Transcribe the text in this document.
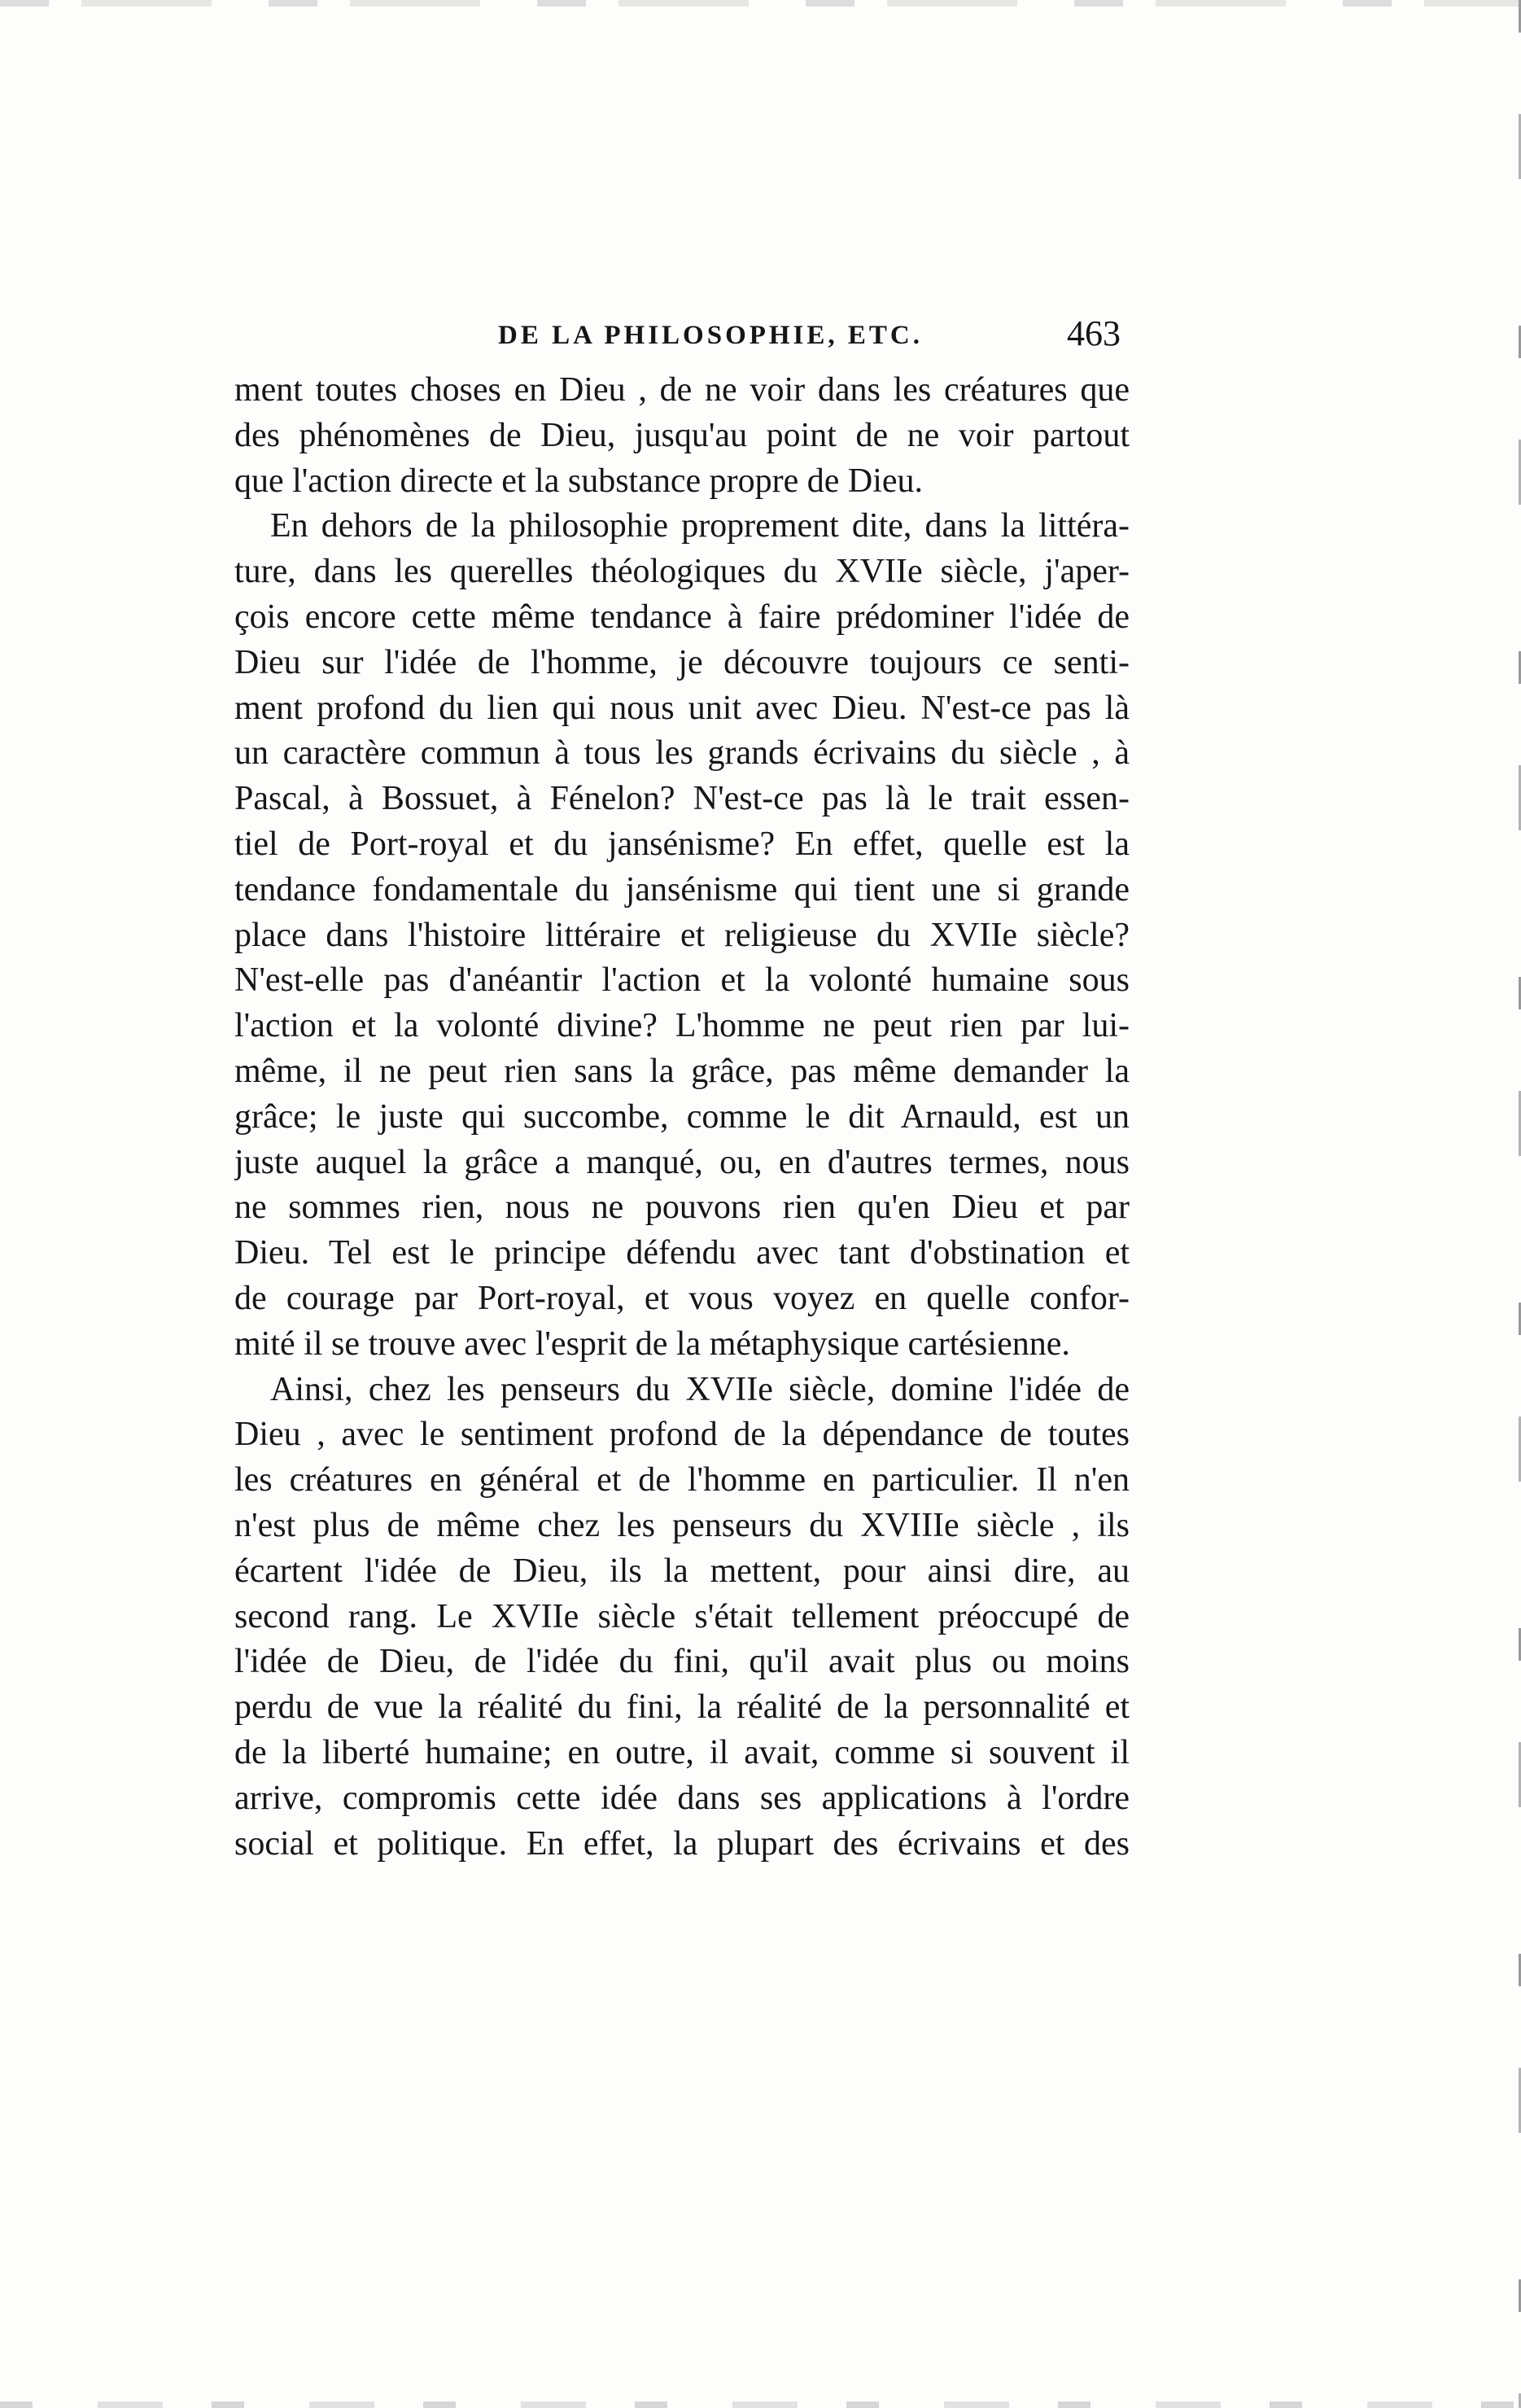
DE LA PHILOSOPHIE, ETC.	463
ment toutes choses en Dieu , de ne voir dans les créatures que
des phénomènes de Dieu, jusqu'au point de ne voir partout
que l'action directe et la substance propre de Dieu.
En dehors de la philosophie proprement dite, dans la littéra-
ture, dans les querelles théologiques du XVIIe siècle, j'aper-
çois encore cette même tendance à faire prédominer l'idée de
Dieu sur l'idée de l'homme, je découvre toujours ce senti-
ment profond du lien qui nous unit avec Dieu. N'est-ce pas là
un caractère commun à tous les grands écrivains du siècle , à
Pascal, à Bossuet, à Fénelon? N'est-ce pas là le trait essen-
tiel de Port-royal et du jansénisme? En effet, quelle est la
tendance fondamentale du jansénisme qui tient une si grande
place dans l'histoire littéraire et religieuse du XVIIe siècle?
N'est-elle pas d'anéantir l'action et la volonté humaine sous
l'action et la volonté divine? L'homme ne peut rien par lui-
même, il ne peut rien sans la grâce, pas même demander la
grâce; le juste qui succombe, comme le dit Arnauld, est un
juste auquel la grâce a manqué, ou, en d'autres termes, nous
ne sommes rien, nous ne pouvons rien qu'en Dieu et par
Dieu. Tel est le principe défendu avec tant d'obstination et
de courage par Port-royal, et vous voyez en quelle confor-
mité il se trouve avec l'esprit de la métaphysique cartésienne.
Ainsi, chez les penseurs du XVIIe siècle, domine l'idée de
Dieu , avec le sentiment profond de la dépendance de toutes
les créatures en général et de l'homme en particulier. Il n'en
n'est plus de même chez les penseurs du XVIIIe siècle , ils
écartent l'idée de Dieu, ils la mettent, pour ainsi dire, au
second rang. Le XVIIe siècle s'était tellement préoccupé de
l'idée de Dieu, de l'idée du fini, qu'il avait plus ou moins
perdu de vue la réalité du fini, la réalité de la personnalité et
de la liberté humaine; en outre, il avait, comme si souvent il
arrive, compromis cette idée dans ses applications à l'ordre
social et politique. En effet, la plupart des écrivains et des
